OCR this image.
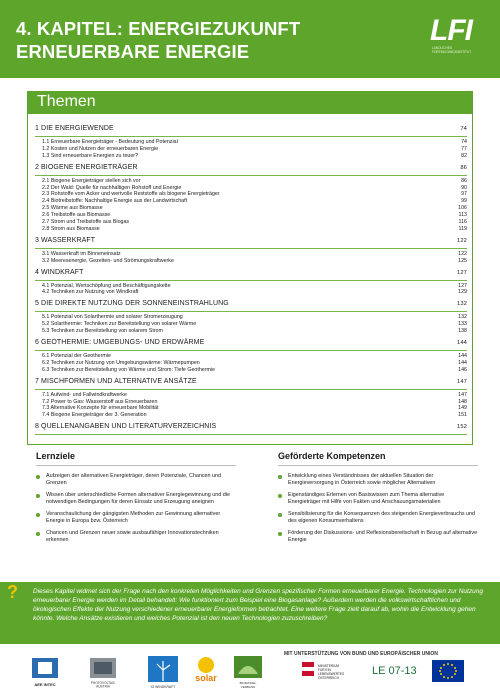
4. KAPITEL: ENERGIEZUKUNFT
ERNEUERBARE ENERGIE
LFI
LÄNDLICHES FORTBILDUNGSINSTITUT
Themen
1 DIE ENERGIEWENDE	74
1.1 Erneuerbare Energieträger - Bedeutung und Potenzial	74
1.2 Kosten und Nutzen der erneuerbaren Energie	77
1.3 Sind erneuerbare Energien zu teuer?	82
2 BIOGENE ENERGIETRÄGER	86
2.1 Biogene Energieträger stellen sich vor	86
2.2 Der Wald: Quelle für nachhaltigen Rohstoff und Energie	90
2.3 Rohstoffe vom Acker und wertvolle Reststoffe als biogene Energieträger	97
2.4 Biotreibstoffe: Nachhaltige Energie aus der Landwirtschaft	99
2.5 Wärme aus Biomasse	106
2.6 Treibstoffe aus Biomasse	113
2.7 Strom und Treibstoffe aus Biogas	116
2.8 Strom aus Biomasse	119
3 WASSERKRAFT	122
3.1 Wasserkraft im Binneneinsatz	122
3.2 Meeresenergie, Gezeiten- und Strömungskraftwerke	125
4 WINDKRAFT	127
4.1 Potenzial, Wertschöpfung und Beschäftigungskette	127
4.2 Techniken zur Nutzung von Windkraft	129
5 DIE DIREKTE NUTZUNG DER SONNENEINSTRAHLUNG	132
5.1 Potenzial von Solarthermie und solarer Stromerzeugung	132
5.2 Solarthermie: Techniken zur Bereitstellung von solarer Wärme	133
5.3 Techniken zur Bereitstellung von solarem Strom	138
6 GEOTHERMIE: UMGEBUNGS- UND ERDWÄRME	144
6.1 Potenzial der Geothermie	144
6.2 Techniken zur Nutzung von Umgebungswärme: Wärmepumpen	144
6.3 Techniken zur Bereitstellung von Wärme und Strom: Tiefe Geothermie	146
7 MISCHFORMEN UND ALTERNATIVE ANSÄTZE	147
7.1 Aufwind- und Fallwindkraftwerke	147
7.2 Power to Gas: Wasserstoff aus Erneuerbaren	148
7.3 Alternative Konzepte für erneuerbare Mobilität	149
7.4 Biogene Energieträger der 3. Generation	151
8 QUELLENANGABEN UND LITERATURVERZEICHNIS	152
Lernziele
Aufzeigen der alternativen Energieträger, deren Potenziale, Chancen und Grenzen
Wissen über unterschiedliche Formen alternativer Energiegewinnung und die notwendigen Bedingungen für deren Einsatz und Erzeugung aneignen
Veranschaulichung der gängigsten Methoden zur Gewinnung alternativer Energie in Europa bzw. Österreich
Chancen und Grenzen neuer sowie ausbaufähiger Innovationstechniken erkennen
Geförderte Kompetenzen
Entwicklung eines Verständnisses der aktuellen Situation der Energieversorgung in Österreich sowie möglicher Alternativen
Eigenständiges Erlernen von Basiswissen zum Thema alternative Energieträger mit Hilfe von Fakten und Anschauungsmaterialien
Sensibilisierung für die Konsequenzen des steigenden Energieverbrauchs und des eigenen Konsumverhaltens
Förderung der Diskussions- und Reflexionsbereitschaft in Bezug auf alternative Energie
? Dieses Kapitel widmet sich der Frage nach den konkreten Möglichkeiten und Grenzen spezifischer Formen erneuerbarer Energie. Technologien zur Nutzung erneuerbarer Energie werden im Detail behandelt: Wie funktioniert zum Beispiel eine Biogasanlage? Außerdem werden die volkswirtschaftlichen und ökologischen Effekte der Nutzung verschiedener erneuerbarer Energieformen betrachtet. Eine weitere Frage zielt darauf ab, wohin die Entwicklung gehen könnte. Welche Ansätze existieren und welches Potenzial ist den neuen Technologien zuzuschreiben?
AEE INTEC	PHOTOVOLTAIC
AUSTRIA	IG WINDKRAFT
solar	BIOMASSE-
VERBAND
MIT UNTERSTÜTZUNG VON BUND UND EUROPÄISCHER UNION
MINISTERIUM
FÜR EIN
LEBENSWERTES
ÖSTERREICH
LE 07-13
